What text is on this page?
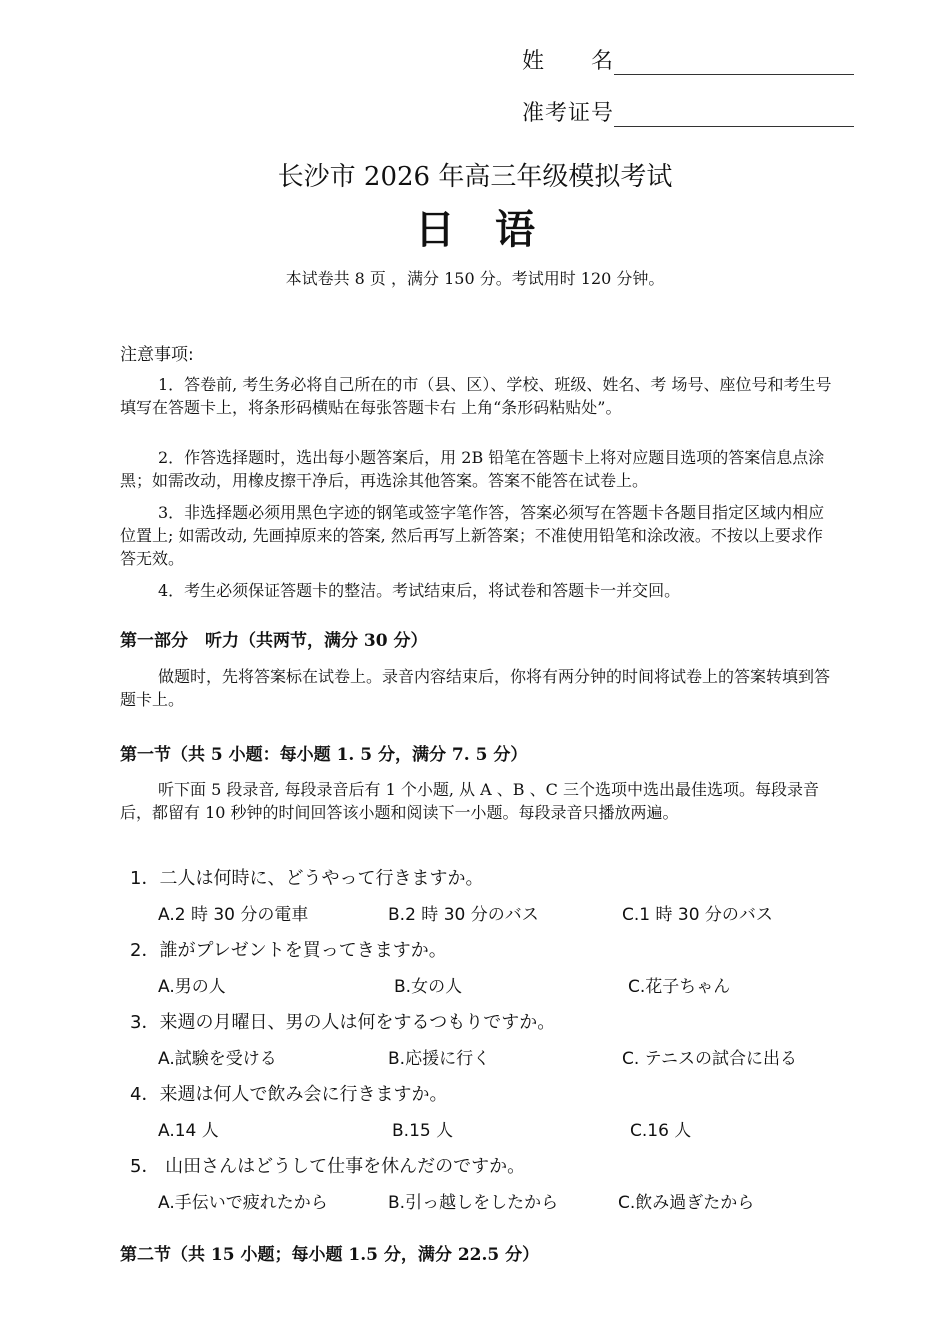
姓　　名
准考证号
长沙市 2026 年高三年级模拟考试
日　语
本试卷共 8 页 ，满分 150 分。考试用时 120 分钟。
注意事项:
1．答卷前, 考生务必将自己所在的市（县、区）、学校、班级、姓名、考 场号、座位号和考生号填写在答题卡上，将条形码横贴在每张答题卡右 上角“条形码粘贴处”。
2．作答选择题时，选出每小题答案后，用 2B 铅笔在答题卡上将对应题目选项的答案信息点涂黑；如需改动，用橡皮擦干净后，再选涂其他答案。答案不能答在试卷上。
3．非选择题必须用黑色字迹的钢笔或签字笔作答，答案必须写在答题卡各题目指定区域内相应位置上; 如需改动, 先画掉原来的答案, 然后再写上新答案；不准使用铅笔和涂改液。不按以上要求作答无效。
4．考生必须保证答题卡的整洁。考试结束后，将试卷和答题卡一并交回。
第一部分　听力（共两节，满分 30 分）
做题时，先将答案标在试卷上。录音内容结束后，你将有两分钟的时间将试卷上的答案转填到答题卡上。
第一节（共 5 小题：每小题 1. 5 分，满分 7. 5 分）
听下面 5 段录音, 每段录音后有 1 个小题, 从 A 、B 、C 三个选项中选出最佳选项。每段录音后，都留有 10 秒钟的时间回答该小题和阅读下一小题。每段录音只播放两遍。
1．二人は何時に、どうやって行きますか。
A.2 時 30 分の電車	B.2 時 30 分のバス	C.1 時 30 分のバス
2．誰がプレゼントを買ってきますか。
A.男の人	B.女の人	C.花子ちゃん
3．来週の月曜日、男の人は何をするつもりですか。
A.試験を受ける	B.応援に行く	C. テニスの試合に出る
4．来週は何人で飲み会に行きますか。
A.14 人	B.15 人	C.16 人
5． 山田さんはどうして仕事を休んだのですか。
A.手伝いで疲れたから	B.引っ越しをしたから	C.飲み過ぎたから
第二节（共 15 小题；每小题 1.5 分，满分 22.5 分）
